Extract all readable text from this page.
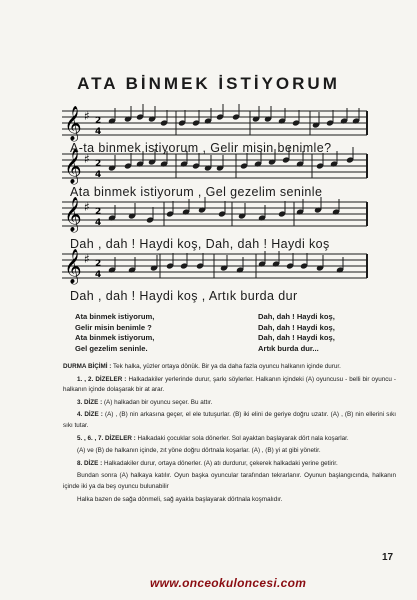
ATA BİNMEK İSTİYORUM
𝄞 ♯ 2
4
A-ta binmek istiyorum , Gelir misin benimle?
𝄞 ♯ 2
4
Ata binmek istiyorum , Gel gezelim seninle
𝄞 ♯ 2
4
Dah , dah ! Haydi koş, Dah, dah ! Haydi koş
𝄞 ♯ 2
4
Dah , dah ! Haydi koş , Artık burda dur
Ata binmek istiyorum,
Gelir misin benimle ?
Ata binmek istiyorum,
Gel gezelim seninle.
Dah, dah ! Haydi koş,
Dah, dah ! Haydi koş,
Dah, dah ! Haydi koş,
Artık burda dur...

DURMA BİÇİMİ : Tek halka, yüzler ortaya dönük. Bir ya da daha fazla oyuncu halkanın içinde durur.

1. , 2. DİZELER : Halkadakiler yerlerinde durur, şarkı söylerler. Halkanın içindeki (A) oyuncusu - belli bir oyuncu - halkanın içinde dolaşarak bir at arar.

3. DİZE : (A) halkadan bir oyuncu seçer. Bu attır.

4. DİZE : (A) , (B) nin arkasına geçer, el ele tutuşurlar. (B) iki elini de geriye doğru uzatır. (A) , (B) nin ellerini sıkı sıkı tutar.

5. , 6. , 7. DİZELER : Halkadaki çocuklar sola dönerler. Sol ayaktan başlayarak dört nala koşarlar.

(A) ve (B) de halkanın içinde, zıt yöne doğru dörtnala koşarlar. (A) , (B) yi at gibi yönetir.

8. DİZE : Halkadakiler durur, ortaya dönerler. (A) atı durdurur, çekerek halkadaki yerine getirir.

Bundan sonra (A) halkaya katılır. Oyun başka oyuncular tarafından tekrarlanır. Oyunun başlangıcında, halkanın içinde iki ya da beş oyuncu bulunabilir

Halka bazen de sağa dönmeli, sağ ayakla başlayarak dörtnala koşmalıdır.

17
www.onceokuloncesi.com
